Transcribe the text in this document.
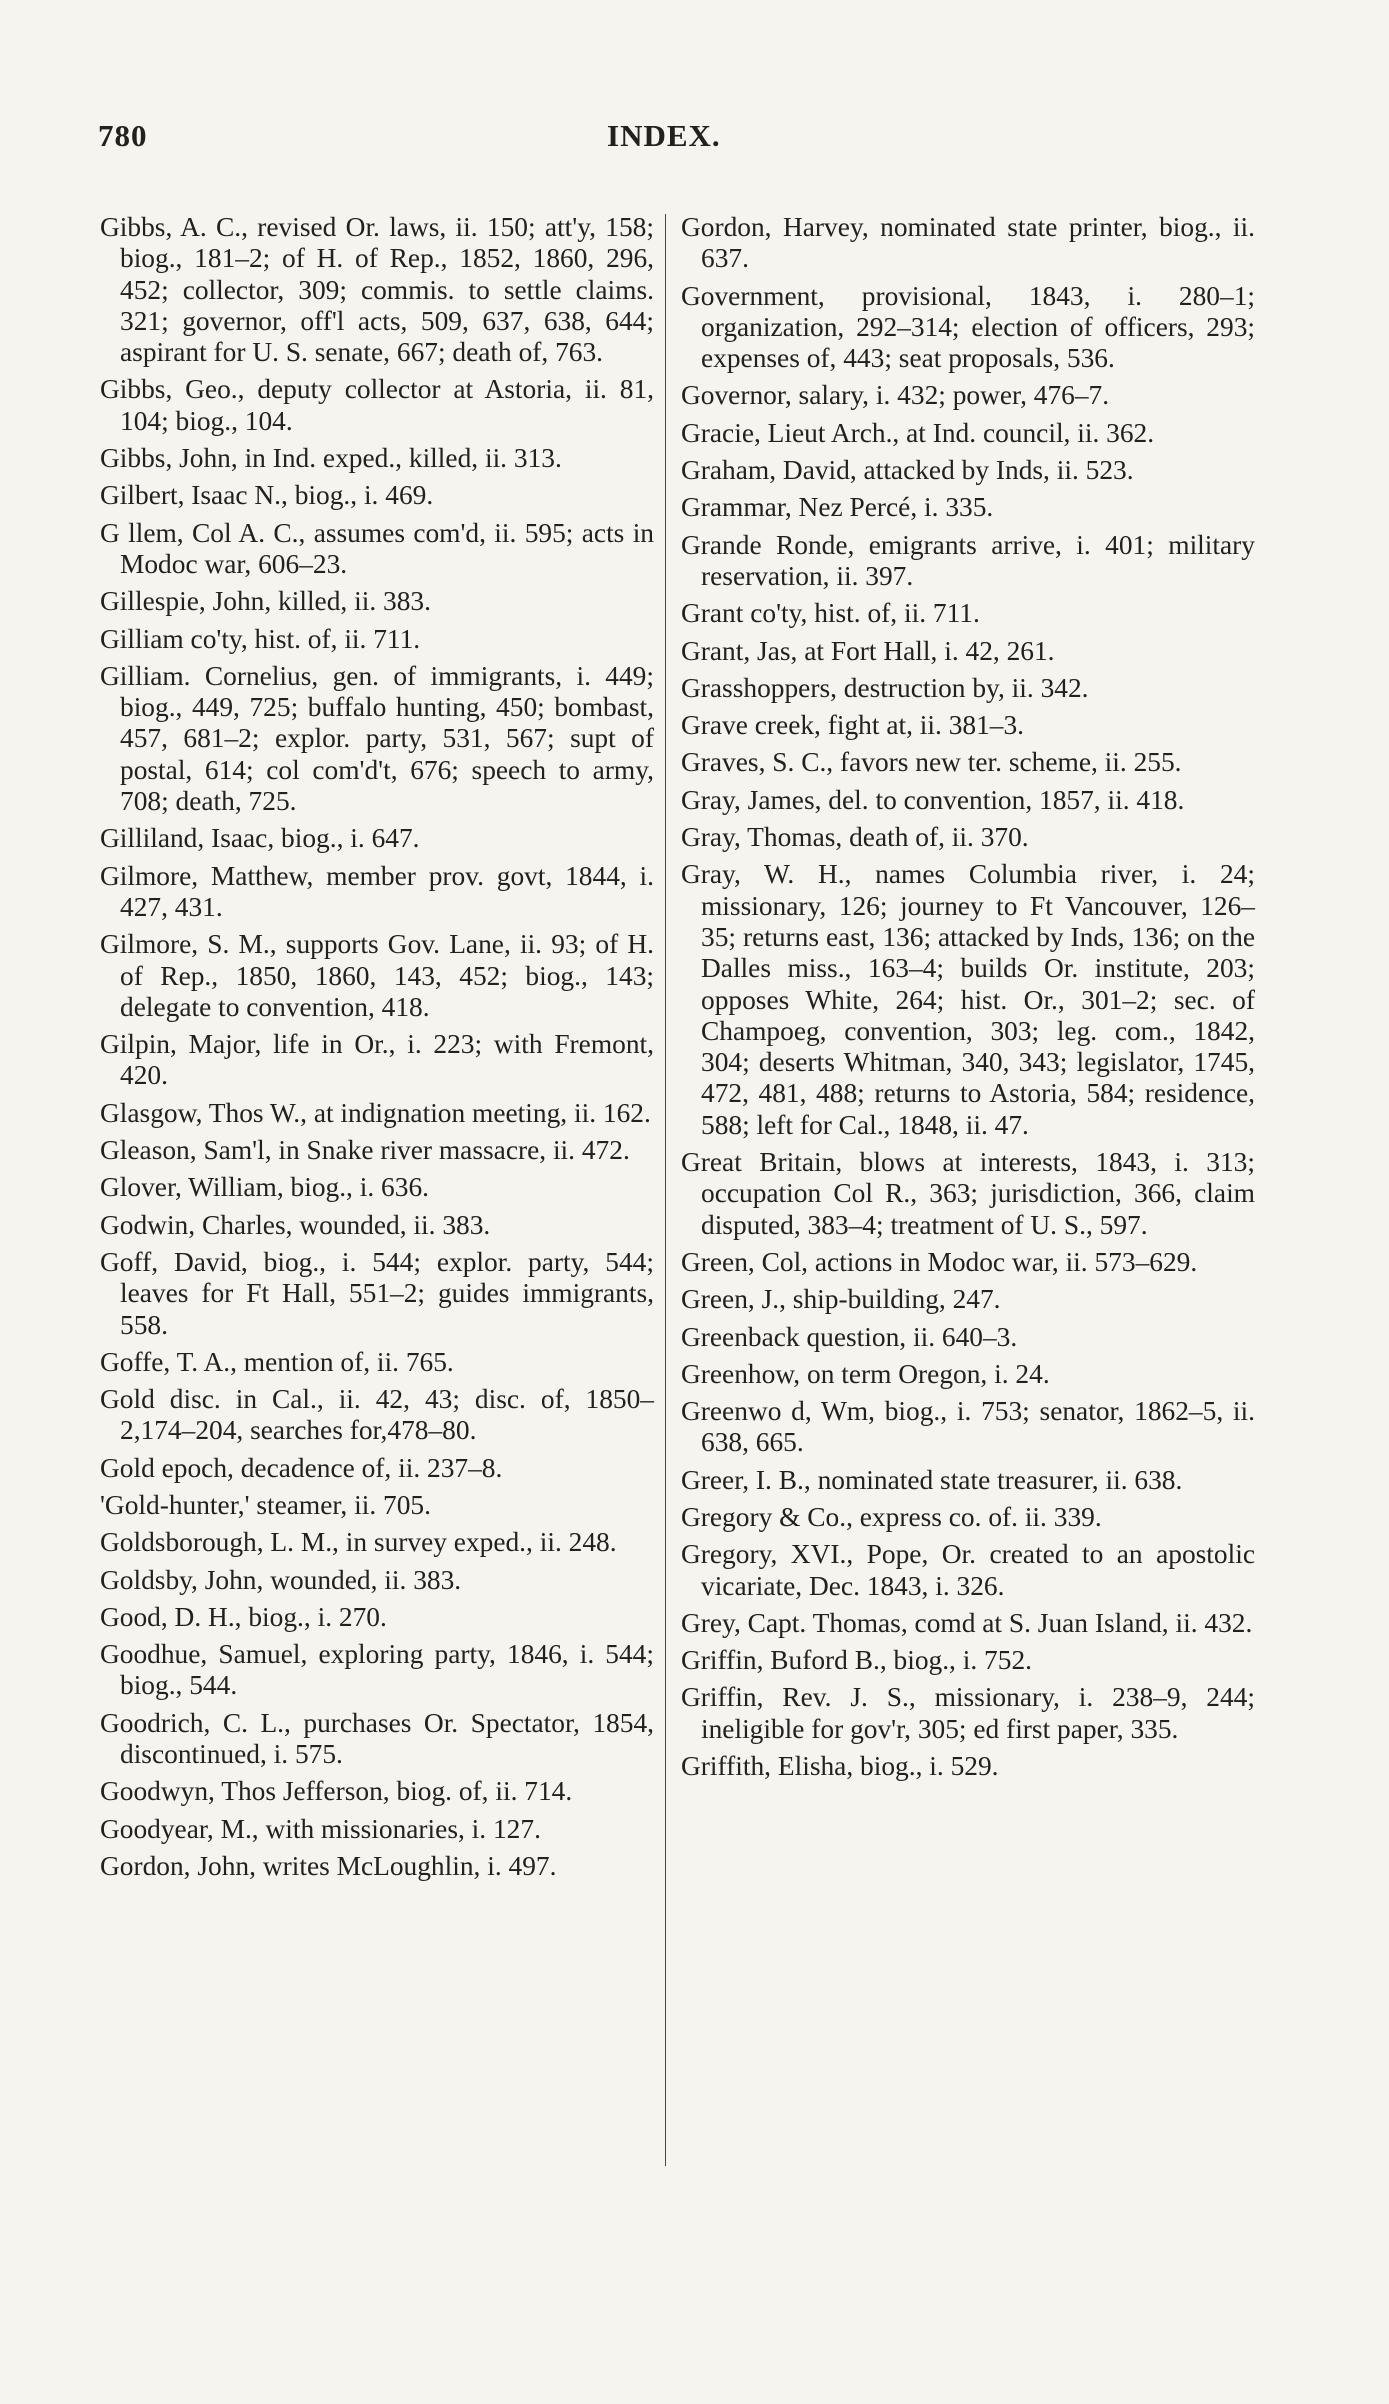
780	INDEX.

Gibbs, A. C., revised Or. laws, ii. 150; att'y, 158; biog., 181–2; of H. of Rep., 1852, 1860, 296, 452; collector, 309; commis. to settle claims. 321; governor, off'l acts, 509, 637, 638, 644; aspirant for U. S. senate, 667; death of, 763.

Gibbs, Geo., deputy collector at Astoria, ii. 81, 104; biog., 104.

Gibbs, John, in Ind. exped., killed, ii. 313.

Gilbert, Isaac N., biog., i. 469.

G llem, Col A. C., assumes com'd, ii. 595; acts in Modoc war, 606–23.

Gillespie, John, killed, ii. 383.

Gilliam co'ty, hist. of, ii. 711.

Gilliam. Cornelius, gen. of immigrants, i. 449; biog., 449, 725; buffalo hunting, 450; bombast, 457, 681–2; explor. party, 531, 567; supt of postal, 614; col com'd't, 676; speech to army, 708; death, 725.

Gilliland, Isaac, biog., i. 647.

Gilmore, Matthew, member prov. govt, 1844, i. 427, 431.

Gilmore, S. M., supports Gov. Lane, ii. 93; of H. of Rep., 1850, 1860, 143, 452; biog., 143; delegate to convention, 418.

Gilpin, Major, life in Or., i. 223; with Fremont, 420.

Glasgow, Thos W., at indignation meeting, ii. 162.

Gleason, Sam'l, in Snake river massacre, ii. 472.

Glover, William, biog., i. 636.

Godwin, Charles, wounded, ii. 383.

Goff, David, biog., i. 544; explor. party, 544; leaves for Ft Hall, 551–2; guides immigrants, 558.

Goffe, T. A., mention of, ii. 765.

Gold disc. in Cal., ii. 42, 43; disc. of, 1850–2,174–204, searches for,478–80.

Gold epoch, decadence of, ii. 237–8.

'Gold-hunter,' steamer, ii. 705.

Goldsborough, L. M., in survey exped., ii. 248.

Goldsby, John, wounded, ii. 383.

Good, D. H., biog., i. 270.

Goodhue, Samuel, exploring party, 1846, i. 544; biog., 544.

Goodrich, C. L., purchases Or. Spectator, 1854, discontinued, i. 575.

Goodwyn, Thos Jefferson, biog. of, ii. 714.

Goodyear, M., with missionaries, i. 127.

Gordon, John, writes McLoughlin, i. 497.

Gordon, Harvey, nominated state printer, biog., ii. 637.

Government, provisional, 1843, i. 280–1; organization, 292–314; election of officers, 293; expenses of, 443; seat proposals, 536.

Governor, salary, i. 432; power, 476–7.

Gracie, Lieut Arch., at Ind. council, ii. 362.

Graham, David, attacked by Inds, ii. 523.

Grammar, Nez Percé, i. 335.

Grande Ronde, emigrants arrive, i. 401; military reservation, ii. 397.

Grant co'ty, hist. of, ii. 711.

Grant, Jas, at Fort Hall, i. 42, 261.

Grasshoppers, destruction by, ii. 342.

Grave creek, fight at, ii. 381–3.

Graves, S. C., favors new ter. scheme, ii. 255.

Gray, James, del. to convention, 1857, ii. 418.

Gray, Thomas, death of, ii. 370.

Gray, W. H., names Columbia river, i. 24; missionary, 126; journey to Ft Vancouver, 126–35; returns east, 136; attacked by Inds, 136; on the Dalles miss., 163–4; builds Or. institute, 203; opposes White, 264; hist. Or., 301–2; sec. of Champoeg, convention, 303; leg. com., 1842, 304; deserts Whitman, 340, 343; legislator, 1745, 472, 481, 488; returns to Astoria, 584; residence, 588; left for Cal., 1848, ii. 47.

Great Britain, blows at interests, 1843, i. 313; occupation Col R., 363; jurisdiction, 366, claim disputed, 383–4; treatment of U. S., 597.

Green, Col, actions in Modoc war, ii. 573–629.

Green, J., ship-building, 247.

Greenback question, ii. 640–3.

Greenhow, on term Oregon, i. 24.

Greenwo d, Wm, biog., i. 753; senator, 1862–5, ii. 638, 665.

Greer, I. B., nominated state treasurer, ii. 638.

Gregory & Co., express co. of. ii. 339.

Gregory, XVI., Pope, Or. created to an apostolic vicariate, Dec. 1843, i. 326.

Grey, Capt. Thomas, comd at S. Juan Island, ii. 432.

Griffin, Buford B., biog., i. 752.

Griffin, Rev. J. S., missionary, i. 238–9, 244; ineligible for gov'r, 305; ed first paper, 335.

Griffith, Elisha, biog., i. 529.
